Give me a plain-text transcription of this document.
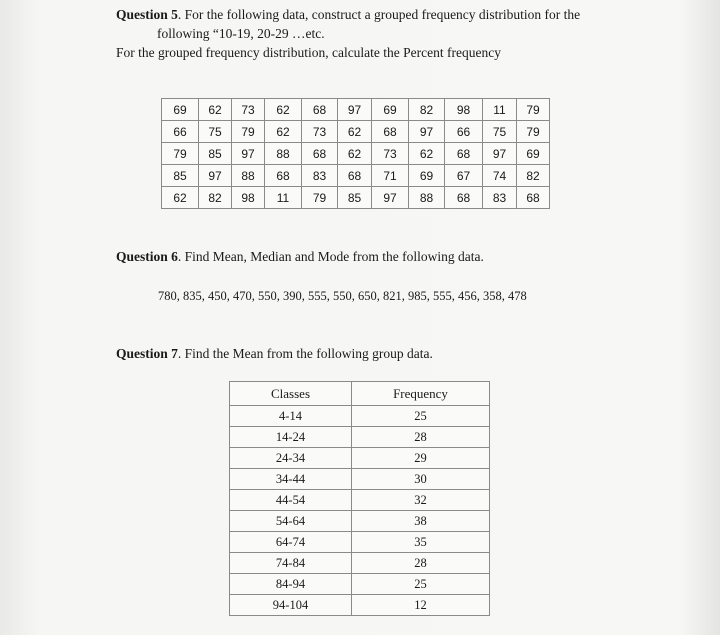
Question 5. For the following data, construct a grouped frequency distribution for the
following “10-19, 20-29 …etc.
For the grouped frequency distribution, calculate the Percent frequency
69	62	73	62	68	97	69	82	98	11	79
66	75	79	62	73	62	68	97	66	75	79
79	85	97	88	68	62	73	62	68	97	69
85	97	88	68	83	68	71	69	67	74	82
62	82	98	11	79	85	97	88	68	83	68
Question 6. Find Mean, Median and Mode from the following data.
780, 835, 450, 470, 550, 390, 555, 550, 650, 821, 985, 555, 456, 358, 478
Question 7. Find the Mean from the following group data.
Classes	Frequency
4-14	25
14-24	28
24-34	29
34-44	30
44-54	32
54-64	38
64-74	35
74-84	28
84-94	25
94-104	12
